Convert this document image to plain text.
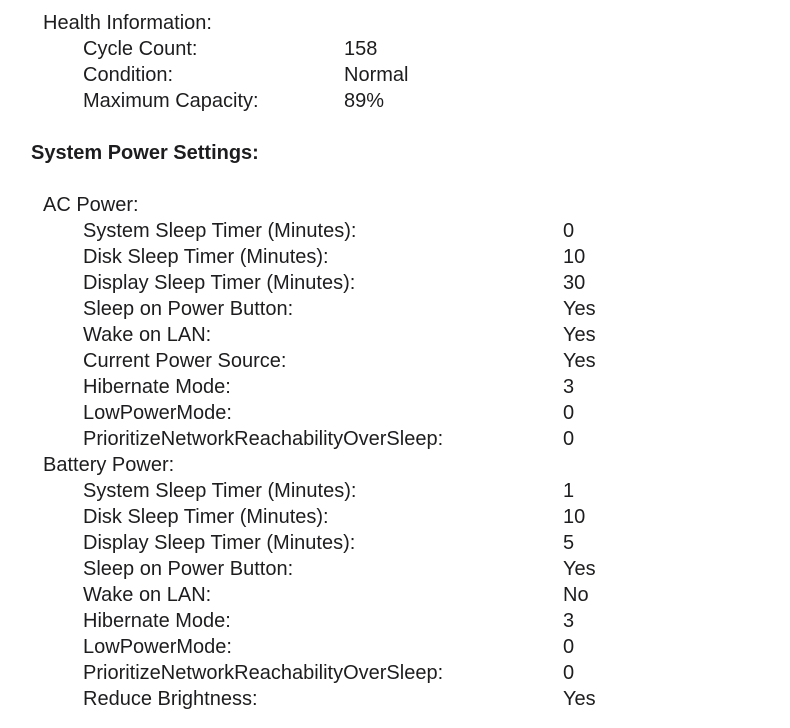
Health Information:
Cycle Count:	158
Condition:	Normal
Maximum Capacity:	89%
System Power Settings:
AC Power:
System Sleep Timer (Minutes):	0
Disk Sleep Timer (Minutes):	10
Display Sleep Timer (Minutes):	30
Sleep on Power Button:	Yes
Wake on LAN:	Yes
Current Power Source:	Yes
Hibernate Mode:	3
LowPowerMode:	0
PrioritizeNetworkReachabilityOverSleep:	0
Battery Power:
System Sleep Timer (Minutes):	1
Disk Sleep Timer (Minutes):	10
Display Sleep Timer (Minutes):	5
Sleep on Power Button:	Yes
Wake on LAN:	No
Hibernate Mode:	3
LowPowerMode:	0
PrioritizeNetworkReachabilityOverSleep:	0
Reduce Brightness:	Yes
